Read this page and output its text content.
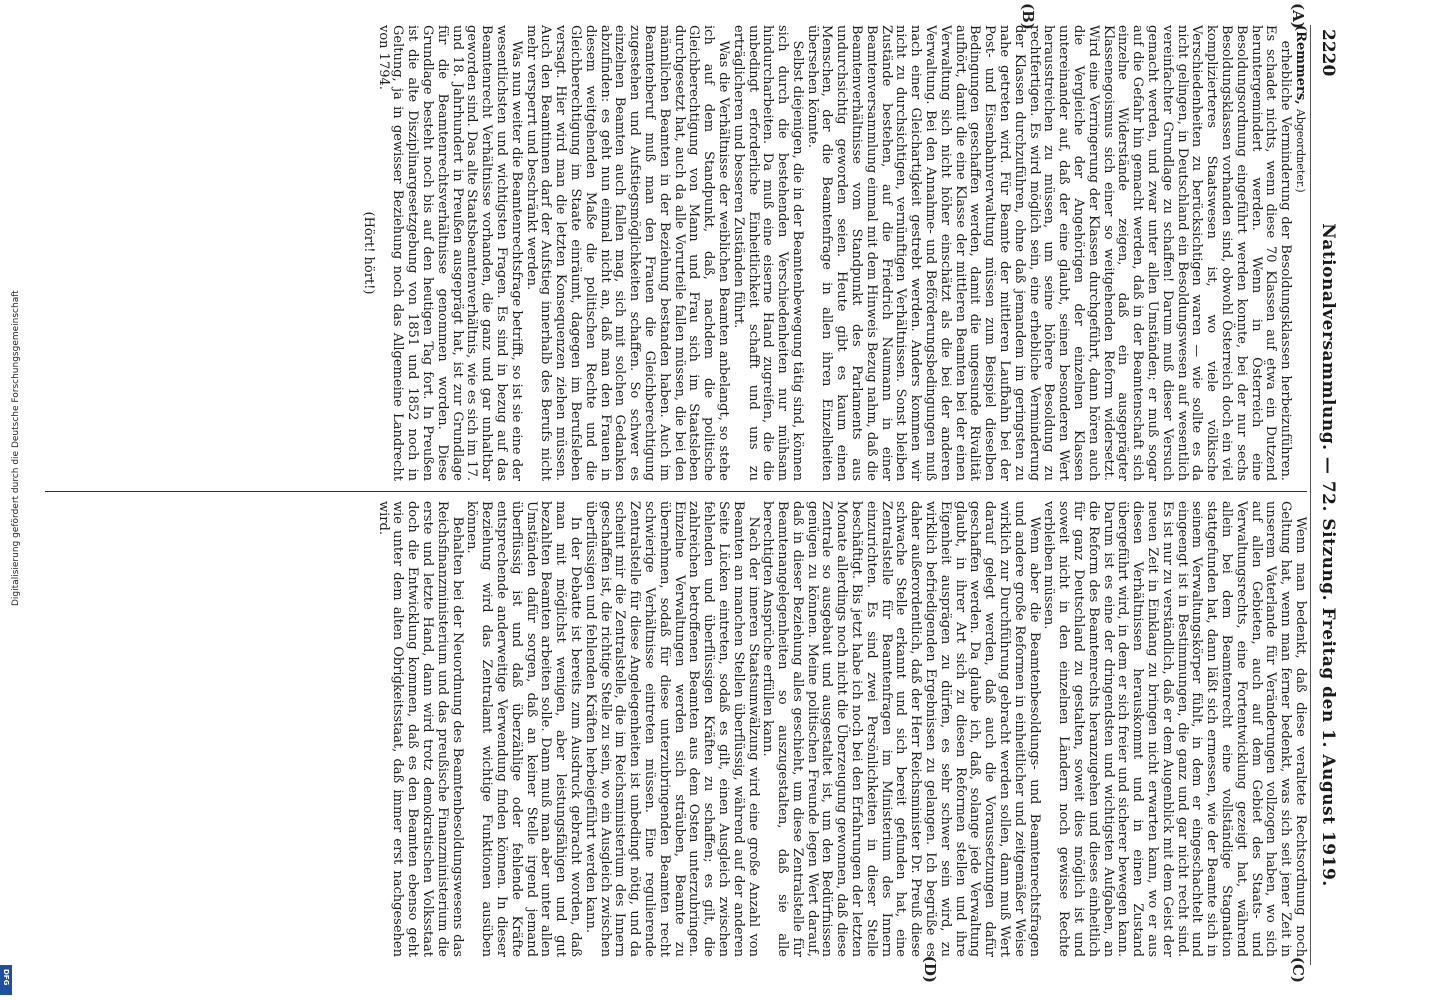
Digitalisierung gefördert durch die Deutsche Forschungsgemeinschaft
DFG
2220
Nationalversammlung. — 72. Sitzung. Freitag den 1. August 1919.
(A)
(B)

(Remmers, Abgeordneter.)

erhebliche Verminderung der Besoldungsklassen herbeizuführen. Es schadet nichts, wenn diese 70 Klassen auf etwa ein Dutzend heruntergemindert werden. Wenn in Österreich eine Besoldungsordnung eingeführt werden konnte, bei der nur sechs Besoldungsklassen vorhanden sind, obwohl Österreich doch ein viel komplizierteres Staatswesen ist, wo viele völkische Verschiedenheiten zu berücksichtigen waren — wie sollte es da nicht gelingen, in Deutschland ein Besoldungswesen auf wesentlich vereinfachter Grundlage zu schaffen! Darum muß dieser Versuch gemacht werden, und zwar unter allen Umständen; er muß sogar auf die Gefahr hin gemacht werden, daß in der Beamtenschaft sich einzelne Widerstände zeigen, daß ein ausgeprägter Klassenegoismus sich einer so weitgehenden Reform widersetzt. Wird eine Verringerung der Klassen durchgeführt, dann hören auch die Vergleiche der Angehörigen der einzelnen Klassen untereinander auf, daß der eine glaubt, seinen besonderen Wert herausstreichen zu müssen, um seine höhere Besoldung zu rechtfertigen. Es wird möglich sein, eine erhebliche Verminderung der Klassen durchzuführen, ohne daß jemandem im geringsten zu nahe getreten wird. Für Beamte der mittleren Laufbahn bei der Post- und Eisenbahnverwaltung müssen zum Beispiel dieselben Bedingungen geschaffen werden, damit die ungesunde Rivalität aufhört, damit die eine Klasse der mittleren Beamten bei der einen Verwaltung sich nicht höher einschätzt als die bei der anderen Verwaltung. Bei den Annahme- und Beförderungsbedingungen muß nach einer Gleichartigkeit gestrebt werden. Anders kommen wir nicht zu durchsichtigen, vernünftigen Verhältnissen. Sonst bleiben Zustände bestehen, auf die Friedrich Naumann in einer Beamtenversammlung einmal mit dem Hinweis Bezug nahm, daß die Beamtenverhältnisse vom Standpunkt des Parlaments aus undurchsichtig geworden seien. Heute gibt es kaum einen Menschen, der die Beamtenfrage in allen ihren Einzelheiten übersehen könnte.

Selbst diejenigen, die in der Beamtenbewegung tätig sind, können sich durch die bestehenden Verschiedenheiten nur mühsam hindurcharbeiten. Da muß eine eiserne Hand zugreifen, die die unbedingt erforderliche Einheitlichkeit schafft und uns zu erträglicheren und besseren Zuständen führt.

Was die Verhältnisse der weiblichen Beamten anbelangt, so stehe ich auf dem Standpunkt, daß, nachdem die politische Gleichberechtigung von Mann und Frau sich im Staatsleben durchgesetzt hat, auch da alle Vorurteile fallen müssen, die bei den männlichen Beamten in der Beziehung bestanden haben. Auch im Beamtenberuf muß man den Frauen die Gleichberechtigung zugestehen und Aufstiegsmöglichkeiten schaffen. So schwer es einzelnen Beamten auch fallen mag, sich mit solchen Gedanken abzufinden: es geht nun einmal nicht an, daß man den Frauen in diesem weitgehenden Maße die politischen Rechte und die Gleichberechtigung im Staate einräumt, dagegen im Berufsleben versagt. Hier wird man die letzten Konsequenzen ziehen müssen. Auch den Beamtinnen darf der Aufstieg innerhalb des Berufs nicht mehr versperrt und beschränkt werden.

Was nun weiter die Beamtenrechtsfrage betrifft, so ist sie eine der wesentlichsten und wichtigsten Fragen. Es sind in bezug auf das Beamtenrecht Verhältnisse vorhanden, die ganz und gar unhaltbar geworden sind. Das alte Staatsbeamtenverhältnis, wie es sich im 17. und 18. Jahrhundert in Preußen ausgeprägt hat, ist zur Grundlage für die Beamtenrechtsverhältnisse genommen worden. Diese Grundlage besteht noch bis auf den heutigen Tag fort. In Preußen ist die alte Disziplinargesetzgebung von 1851 und 1852 noch in Geltung, ja in gewisser Beziehung noch das Allgemeine Landrecht von 1794.

(Hört! hört!)

(C)
(D)

Wenn man bedenkt, daß diese veraltete Rechtsordnung noch Geltung hat, wenn man ferner bedenkt, was sich seit jener Zeit in unserem Vaterlande für Veränderungen vollzogen haben, wo sich auf allen Gebieten, auch auf dem Gebiet des Staats- und Verwaltungsrechts, eine Fortentwicklung gezeigt hat, während allein bei dem Beamtenrecht eine vollständige Stagnation stattgefunden hat, dann läßt sich ermessen, wie der Beamte sich in seinem Verwaltungskörper fühlt, in dem er eingeschachtelt und eingeengt ist in Bestimmungen, die ganz und gar nicht recht sind. Es ist nur zu verständlich, daß er dem Augenblick mit dem Geist der neuen Zeit in Einklang zu bringen nicht erwarten kann, wo er aus diesen Verhältnissen herauskommt und in einen Zustand übergeführt wird, in dem er sich freier und sicherer bewegen kann. Darum ist es eine der dringendsten und wichtigsten Aufgaben, an die Reform des Beamtenrechts heranzugehen und dieses einheitlich für ganz Deutschland zu gestalten, soweit dies möglich ist und soweit nicht in den einzelnen Ländern noch gewisse Rechte verbleiben müssen.

Wenn aber die Beamtenbesoldungs- und Beamtenrechtsfragen und andere große Reformen in einheitlicher und zeitgemäßer Weise wirklich zur Durchführung gebracht werden sollen, dann muß Wert darauf gelegt werden, daß auch die Voraussetzungen dafür geschaffen werden. Da glaube ich, daß, solange jede Verwaltung glaubt, in ihrer Art sich zu diesen Reformen stellen und ihre Eigenheit ausprägen zu dürfen, es sehr schwer sein wird, zu wirklich befriedigenden Ergebnissen zu gelangen. Ich begrüße es daher außerordentlich, daß der Herr Reichsminister Dr. Preuß diese schwache Stelle erkannt und sich bereit gefunden hat, eine Zentralstelle für Beamtenfragen im Ministerium des Innern einzurichten. Es sind zwei Persönlichkeiten in dieser Stelle beschäftigt. Bis jetzt habe ich noch bei den Erfahrungen der letzten Monate allerdings noch nicht die Überzeugung gewonnen, daß diese Zentrale so ausgebaut und ausgestaltet ist, um den Bedürfnissen genügen zu können. Meine politischen Freunde legen Wert darauf, daß in dieser Beziehung alles geschieht, um diese Zentralstelle für Beamtenangelegenheiten so auszugestalten, daß sie alle berechtigten Ansprüche erfüllen kann.

Nach der inneren Staatsumwälzung wird eine große Anzahl von Beamten an manchen Stellen überflüssig, während auf der anderen Seite Lücken eintreten, sodaß es gilt, einen Ausgleich zwischen fehlenden und überflüssigen Kräften zu schaffen; es gilt, die zahlreichen betroffenen Beamten aus dem Osten unterzubringen. Einzelne Verwaltungen werden sich sträuben, Beamte zu übernehmen, sodaß für diese unterzubringenden Beamten recht schwierige Verhältnisse eintreten müssen. Eine regulierende Zentralstelle für diese Angelegenheiten ist unbedingt nötig, und da scheint mir die Zentralstelle, die im Reichsministerium des Innern geschaffen ist, die richtige Stelle zu sein, wo ein Ausgleich zwischen überflüssigen und fehlenden Kräften herbeigeführt werden kann.

In der Debatte ist bereits zum Ausdruck gebracht worden, daß man mit möglichst wenigen, aber leistungsfähigen und gut bezahlten Beamten arbeiten solle. Dann muß man aber unter allen Umständen dafür sorgen, daß an keiner Stelle irgend jemand überflüssig ist und daß überzählige oder fehlende Kräfte entsprechende anderweitige Verwendung finden können. In dieser Beziehung wird das Zentralamt wichtige Funktionen ausüben können.

Behalten bei der Neuordnung des Beamtenbesoldungswesens das Reichsfinanzministerium und das preußische Finanzministerium die erste und letzte Hand, dann wird trotz demokratischen Volksstaat doch die Entwicklung kommen, daß es den Beamten ebenso geht wie unter dem alten Obrigkeitsstaat, daß immer erst nachgesehen wird.
